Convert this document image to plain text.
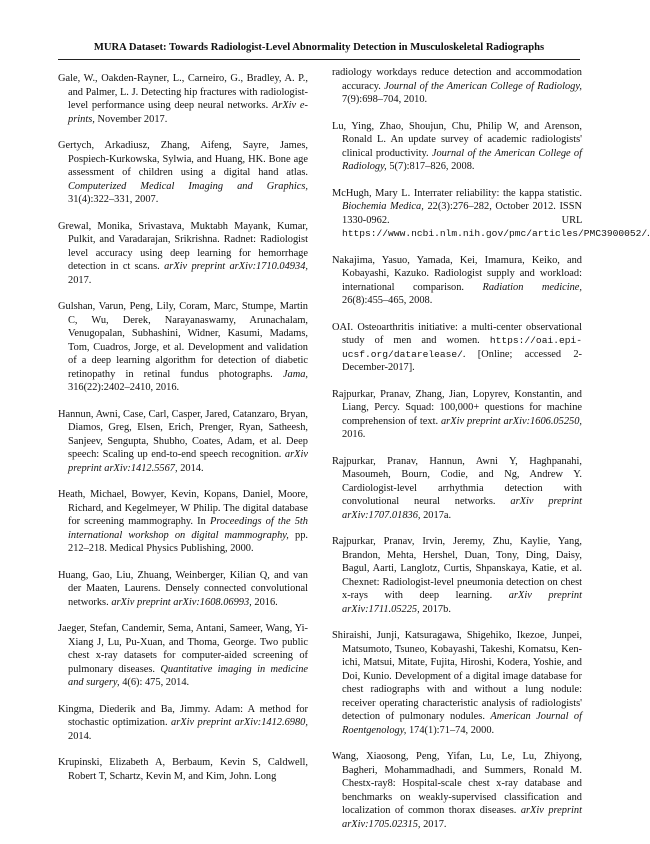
MURA Dataset: Towards Radiologist-Level Abnormality Detection in Musculoskeletal Radiographs

Gale, W., Oakden-Rayner, L., Carneiro, G., Bradley, A. P., and Palmer, L. J. Detecting hip fractures with radiologist-level performance using deep neural networks. ArXiv e-prints, November 2017.

Gertych, Arkadiusz, Zhang, Aifeng, Sayre, James, Pospiech-Kurkowska, Sylwia, and Huang, HK. Bone age assessment of children using a digital hand atlas. Computerized Medical Imaging and Graphics, 31(4):322–331, 2007.

Grewal, Monika, Srivastava, Muktabh Mayank, Kumar, Pulkit, and Varadarajan, Srikrishna. Radnet: Radiologist level accuracy using deep learning for hemorrhage detection in ct scans. arXiv preprint arXiv:1710.04934, 2017.

Gulshan, Varun, Peng, Lily, Coram, Marc, Stumpe, Martin C, Wu, Derek, Narayanaswamy, Arunachalam, Venugopalan, Subhashini, Widner, Kasumi, Madams, Tom, Cuadros, Jorge, et al. Development and validation of a deep learning algorithm for detection of diabetic retinopathy in retinal fundus photographs. Jama, 316(22):2402–2410, 2016.

Hannun, Awni, Case, Carl, Casper, Jared, Catanzaro, Bryan, Diamos, Greg, Elsen, Erich, Prenger, Ryan, Satheesh, Sanjeev, Sengupta, Shubho, Coates, Adam, et al. Deep speech: Scaling up end-to-end speech recognition. arXiv preprint arXiv:1412.5567, 2014.

Heath, Michael, Bowyer, Kevin, Kopans, Daniel, Moore, Richard, and Kegelmeyer, W Philip. The digital database for screening mammography. In Proceedings of the 5th international workshop on digital mammography, pp. 212–218. Medical Physics Publishing, 2000.

Huang, Gao, Liu, Zhuang, Weinberger, Kilian Q, and van der Maaten, Laurens. Densely connected convolutional networks. arXiv preprint arXiv:1608.06993, 2016.

Jaeger, Stefan, Candemir, Sema, Antani, Sameer, Wang, Yi-Xiang J, Lu, Pu-Xuan, and Thoma, George. Two public chest x-ray datasets for computer-aided screening of pulmonary diseases. Quantitative imaging in medicine and surgery, 4(6): 475, 2014.

Kingma, Diederik and Ba, Jimmy. Adam: A method for stochastic optimization. arXiv preprint arXiv:1412.6980, 2014.

Krupinski, Elizabeth A, Berbaum, Kevin S, Caldwell, Robert T, Schartz, Kevin M, and Kim, John. Long

radiology workdays reduce detection and accommodation accuracy. Journal of the American College of Radiology, 7(9):698–704, 2010.

Lu, Ying, Zhao, Shoujun, Chu, Philip W, and Arenson, Ronald L. An update survey of academic radiologists' clinical productivity. Journal of the American College of Radiology, 5(7):817–826, 2008.

McHugh, Mary L. Interrater reliability: the kappa statistic. Biochemia Medica, 22(3):276–282, October 2012. ISSN 1330-0962. URL https://www.ncbi.nlm.nih.gov/pmc/articles/PMC3900052/.

Nakajima, Yasuo, Yamada, Kei, Imamura, Keiko, and Kobayashi, Kazuko. Radiologist supply and workload: international comparison. Radiation medicine, 26(8):455–465, 2008.

OAI. Osteoarthritis initiative: a multi-center observational study of men and women. https://oai.epi-ucsf.org/datarelease/. [Online; accessed 2-December-2017].

Rajpurkar, Pranav, Zhang, Jian, Lopyrev, Konstantin, and Liang, Percy. Squad: 100,000+ questions for machine comprehension of text. arXiv preprint arXiv:1606.05250, 2016.

Rajpurkar, Pranav, Hannun, Awni Y, Haghpanahi, Masoumeh, Bourn, Codie, and Ng, Andrew Y. Cardiologist-level arrhythmia detection with convolutional neural networks. arXiv preprint arXiv:1707.01836, 2017a.

Rajpurkar, Pranav, Irvin, Jeremy, Zhu, Kaylie, Yang, Brandon, Mehta, Hershel, Duan, Tony, Ding, Daisy, Bagul, Aarti, Langlotz, Curtis, Shpanskaya, Katie, et al. Chexnet: Radiologist-level pneumonia detection on chest x-rays with deep learning. arXiv preprint arXiv:1711.05225, 2017b.

Shiraishi, Junji, Katsuragawa, Shigehiko, Ikezoe, Junpei, Matsumoto, Tsuneo, Kobayashi, Takeshi, Komatsu, Ken-ichi, Matsui, Mitate, Fujita, Hiroshi, Kodera, Yoshie, and Doi, Kunio. Development of a digital image database for chest radiographs with and without a lung nodule: receiver operating characteristic analysis of radiologists' detection of pulmonary nodules. American Journal of Roentgenology, 174(1):71–74, 2000.

Wang, Xiaosong, Peng, Yifan, Lu, Le, Lu, Zhiyong, Bagheri, Mohammadhadi, and Summers, Ronald M. Chestx-ray8: Hospital-scale chest x-ray database and benchmarks on weakly-supervised classification and localization of common thorax diseases. arXiv preprint arXiv:1705.02315, 2017.
